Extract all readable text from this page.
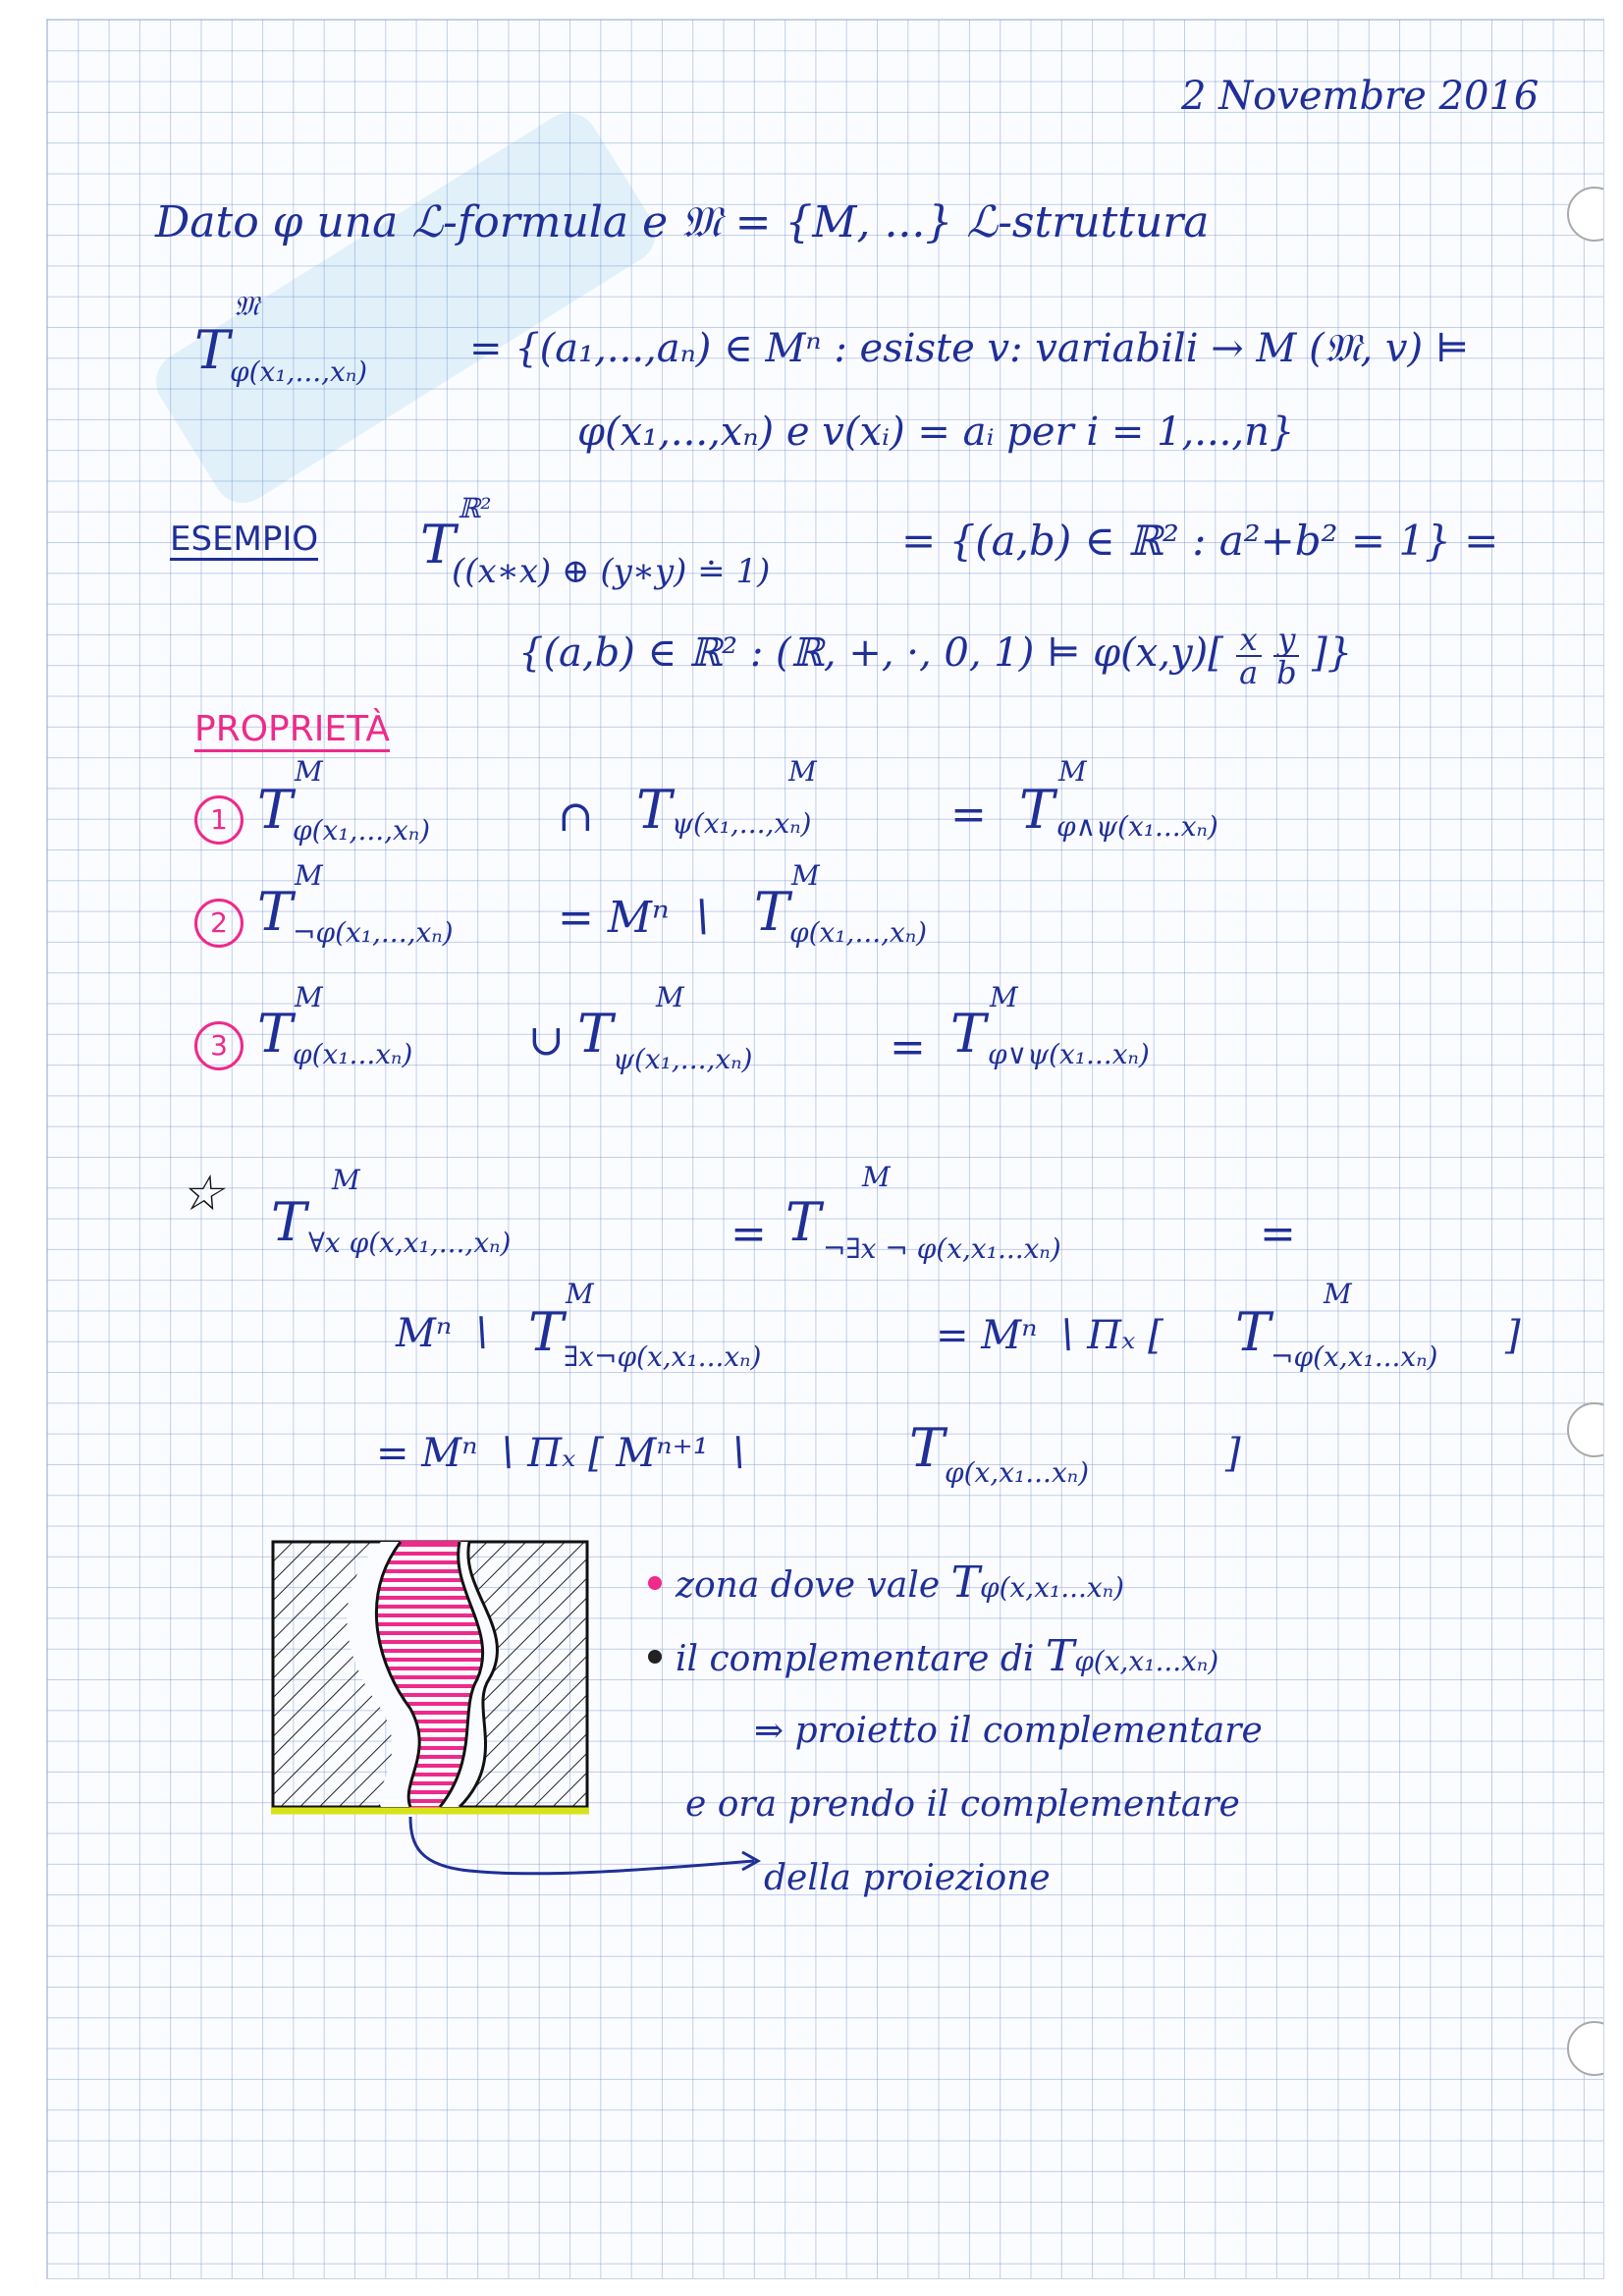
2 Novembre 2016
Dato φ una ℒ-formula e 𝔐 = {M, ...} ℒ-struttura
T
𝔐
φ(x₁,...,xₙ)
= {(a₁,...,aₙ) ∈ Mⁿ : esiste v: variabili → M (𝔐, v) ⊨
φ(x₁,...,xₙ) e v(xᵢ) = aᵢ per i = 1,...,n}
ESEMPIO T
ℝ²
((x∗x) ⊕ (y∗y) ≐ 1)
= {(a,b) ∈ ℝ² : a²+b² = 1} =
{(a,b) ∈ ℝ² : (ℝ, +, ·, 0, 1) ⊨ $\varphi(x,y)[ \frac{x}{a}$
$\frac{y}{b}$ ]}
PROPRIETÀ
1 T
M
φ(x₁,...,xₙ)	∩ T
M
ψ(x₁,...,xₙ)	= T
M
φ∧ψ(x₁...xₙ)
2 T
M
¬φ(x₁,...,xₙ) = Mⁿ ∖ T
M
φ(x₁,...,xₙ)
3 T
M
φ(x₁...xₙ)	∪ T
M
ψ(x₁,...,xₙ)	= T
M
φ∨ψ(x₁...xₙ)
☆ T
M
∀x φ(x,x₁,...,xₙ)	= T
M
¬∃x ¬ φ(x,x₁...xₙ)	=
Mⁿ ∖ T
M
∃x¬φ(x,x₁...xₙ)	= Mⁿ ∖ Πₓ [ T
M
¬φ(x,x₁...xₙ) ]
= Mⁿ ∖ Πₓ [ Mⁿ⁺¹ ∖	T φ(x,x₁...xₙ)	]
zona dove vale Tφ(x,x₁...xₙ)
il complementare di Tφ(x,x₁...xₙ)
⇒ proietto il complementare
e ora prendo il complementare
della proiezione
